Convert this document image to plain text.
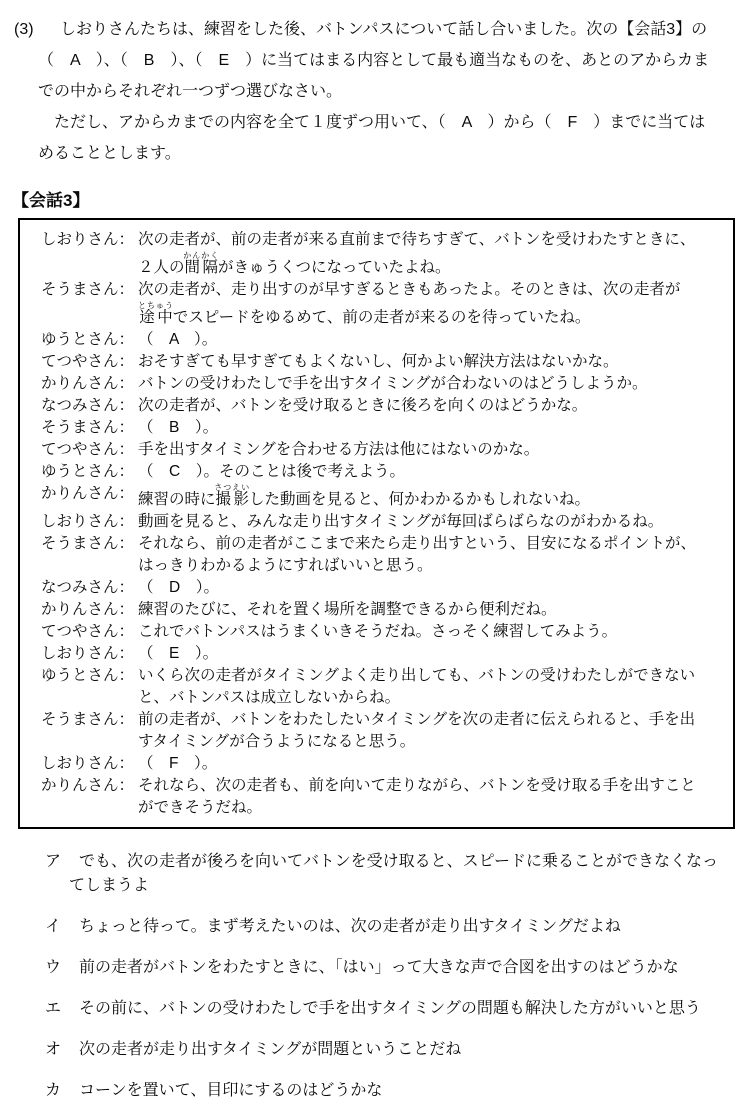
(3) しおりさんたちは、練習をした後、バトンパスについて話し合いました。次の【会話3】の
（　A　）、（　B　）、（　E　）に当てはまる内容として最も適当なものを、あとのアからカま
での中からそれぞれ一つずつ選びなさい。
　ただし、アからカまでの内容を全て１度ずつ用いて、（　A　）から（　F　）までに当ては
めることとします。
【会話3】
しおりさん： 次の走者が、前の走者が来る直前まで待ちすぎて、バトンを受けわたすときに、
２人の間隔かんかくがきゅうくつになっていたよね。
そうまさん： 次の走者が、走り出すのが早すぎるときもあったよ。そのときは、次の走者が
途中とちゅうでスピードをゆるめて、前の走者が来るのを待っていたね。
ゆうとさん： （　A　）。
てつやさん： おそすぎても早すぎてもよくないし、何かよい解決方法はないかな。
かりんさん： バトンの受けわたしで手を出すタイミングが合わないのはどうしようか。
なつみさん： 次の走者が、バトンを受け取るときに後ろを向くのはどうかな。
そうまさん： （　B　）。
てつやさん： 手を出すタイミングを合わせる方法は他にはないのかな。
ゆうとさん： （　C　）。そのことは後で考えよう。
かりんさん： 練習の時に撮影さつえいした動画を見ると、何かわかるかもしれないね。
しおりさん： 動画を見ると、みんな走り出すタイミングが毎回ばらばらなのがわかるね。
そうまさん： それなら、前の走者がここまで来たら走り出すという、目安になるポイントが、
はっきりわかるようにすればいいと思う。
なつみさん： （　D　）。
かりんさん： 練習のたびに、それを置く場所を調整できるから便利だね。
てつやさん： これでバトンパスはうまくいきそうだね。さっそく練習してみよう。
しおりさん： （　E　）。
ゆうとさん： いくら次の走者がタイミングよく走り出しても、バトンの受けわたしができない
と、バトンパスは成立しないからね。
そうまさん： 前の走者が、バトンをわたしたいタイミングを次の走者に伝えられると、手を出
すタイミングが合うようになると思う。
しおりさん： （　F　）。
かりんさん： それなら、次の走者も、前を向いて走りながら、バトンを受け取る手を出すこと
ができそうだね。
ア	でも、次の走者が後ろを向いてバトンを受け取ると、スピードに乗ることができなくなっ
てしまうよ
イ	ちょっと待って。まず考えたいのは、次の走者が走り出すタイミングだよね
ウ	前の走者がバトンをわたすときに、「はい」って大きな声で合図を出すのはどうかな
エ	その前に、バトンの受けわたしで手を出すタイミングの問題も解決した方がいいと思う
オ	次の走者が走り出すタイミングが問題ということだね
カ	コーンを置いて、目印にするのはどうかな
